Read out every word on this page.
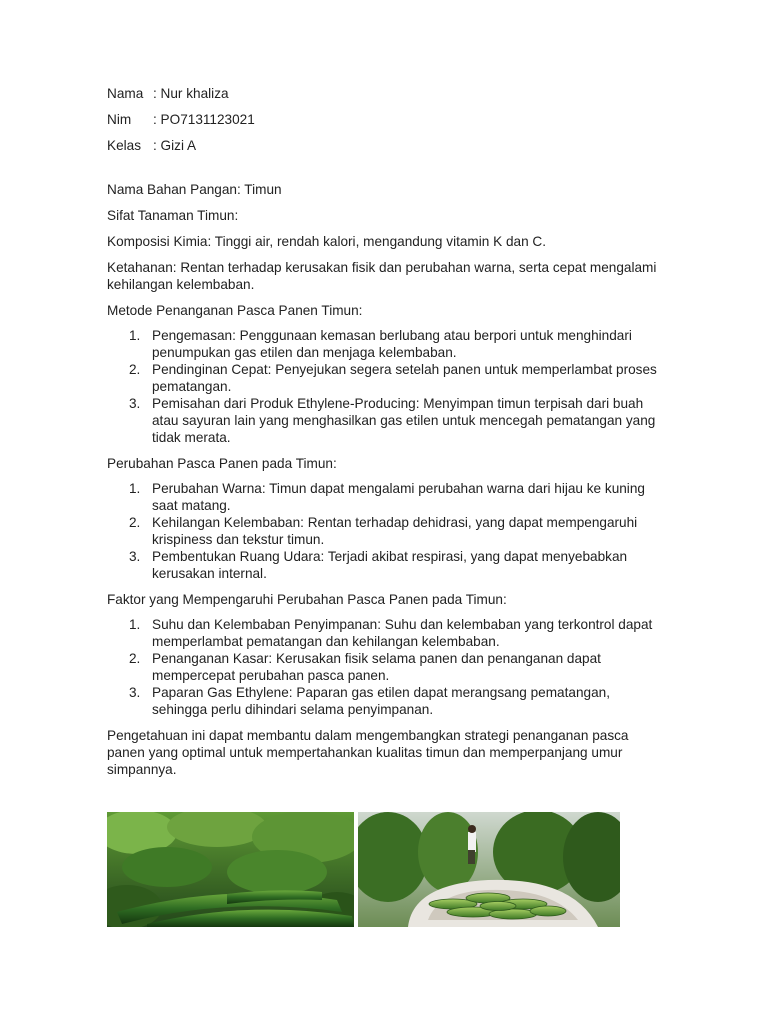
Nama : Nur khaliza
Nim	: PO7131123021
Kelas : Gizi A

Nama Bahan Pangan: Timun

Sifat Tanaman Timun:

Komposisi Kimia: Tinggi air, rendah kalori, mengandung vitamin K dan C.

Ketahanan: Rentan terhadap kerusakan fisik dan perubahan warna, serta cepat mengalami kehilangan kelembaban.

Metode Penanganan Pasca Panen Timun:

1. Pengemasan: Penggunaan kemasan berlubang atau berpori untuk menghindari penumpukan gas etilen dan menjaga kelembaban.
2. Pendinginan Cepat: Penyejukan segera setelah panen untuk memperlambat proses pematangan.
3. Pemisahan dari Produk Ethylene-Producing: Menyimpan timun terpisah dari buah atau sayuran lain yang menghasilkan gas etilen untuk mencegah pematangan yang tidak merata.

Perubahan Pasca Panen pada Timun:

1. Perubahan Warna: Timun dapat mengalami perubahan warna dari hijau ke kuning saat matang.
2. Kehilangan Kelembaban: Rentan terhadap dehidrasi, yang dapat mempengaruhi krispiness dan tekstur timun.
3. Pembentukan Ruang Udara: Terjadi akibat respirasi, yang dapat menyebabkan kerusakan internal.

Faktor yang Mempengaruhi Perubahan Pasca Panen pada Timun:

1. Suhu dan Kelembaban Penyimpanan: Suhu dan kelembaban yang terkontrol dapat memperlambat pematangan dan kehilangan kelembaban.
2. Penanganan Kasar: Kerusakan fisik selama panen dan penanganan dapat mempercepat perubahan pasca panen.
3. Paparan Gas Ethylene: Paparan gas etilen dapat merangsang pematangan, sehingga perlu dihindari selama penyimpanan.

Pengetahuan ini dapat membantu dalam mengembangkan strategi penanganan pasca panen yang optimal untuk mempertahankan kualitas timun dan memperpanjang umur simpannya.
